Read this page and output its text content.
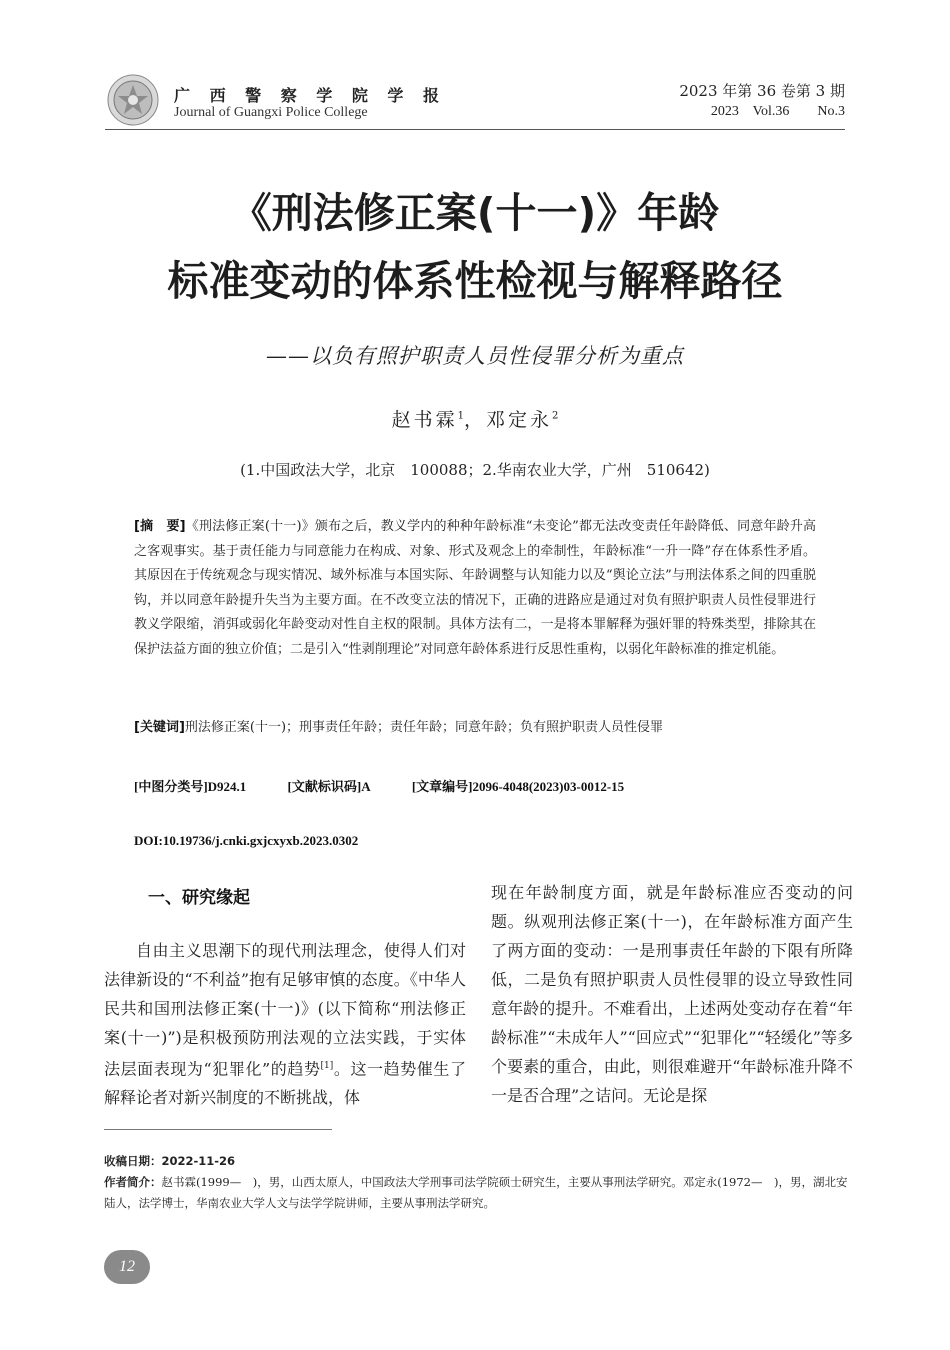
广 西 警 察 学 院 学 报
Journal of Guangxi Police College
2023 年第 36 卷第 3 期
2023 Vol.36 No.3
《刑法修正案(十一)》年龄
标准变动的体系性检视与解释路径
——以负有照护职责人员性侵罪分析为重点
赵书霖$^1$，邓定永$^2$
(1.中国政法大学，北京　100088；2.华南农业大学，广州　510642)
[摘　要]《刑法修正案(十一)》颁布之后，教义学内的种种年龄标准“未变论”都无法改变责任年龄降低、同意年龄升高之客观事实。基于责任能力与同意能力在构成、对象、形式及观念上的牵制性，年龄标准“一升一降”存在体系性矛盾。其原因在于传统观念与现实情况、域外标准与本国实际、年龄调整与认知能力以及“舆论立法”与刑法体系之间的四重脱钩，并以同意年龄提升失当为主要方面。在不改变立法的情况下，正确的进路应是通过对负有照护职责人员性侵罪进行教义学限缩，消弭或弱化年龄变动对性自主权的限制。具体方法有二，一是将本罪解释为强奸罪的特殊类型，排除其在保护法益方面的独立价值；二是引入“性剥削理论”对同意年龄体系进行反思性重构，以弱化年龄标准的推定机能。
[关键词]刑法修正案(十一)；刑事责任年龄；责任年龄；同意年龄；负有照护职责人员性侵罪
[中图分类号]D924.1	[文献标识码]A	[文章编号]2096-4048(2023)03-0012-15
DOI:10.19736/j.cnki.gxjcxyxb.2023.0302
一、研究缘起

自由主义思潮下的现代刑法理念，使得人们对法律新设的“不利益”抱有足够审慎的态度。《中华人民共和国刑法修正案(十一)》(以下简称“刑法修正案(十一)”)是积极预防刑法观的立法实践，于实体法层面表现为“犯罪化”的趋势[1]。这一趋势催生了解释论者对新兴制度的不断挑战，体

现在年龄制度方面，就是年龄标准应否变动的问题。纵观刑法修正案(十一)，在年龄标准方面产生了两方面的变动：一是刑事责任年龄的下限有所降低，二是负有照护职责人员性侵罪的设立导致性同意年龄的提升。不难看出，上述两处变动存在着“年龄标准”“未成年人”“回应式”“犯罪化”“轻缓化”等多个要素的重合，由此，则很难避开“年龄标准升降不一是否合理”之诘问。无论是探

收稿日期：2022-11-26
作者简介：赵书霖(1999—　)，男，山西太原人，中国政法大学刑事司法学院硕士研究生，主要从事刑法学研究。邓定永(1972—　)，男，湖北安陆人，法学博士，华南农业大学人文与法学学院讲师，主要从事刑法学研究。
12
